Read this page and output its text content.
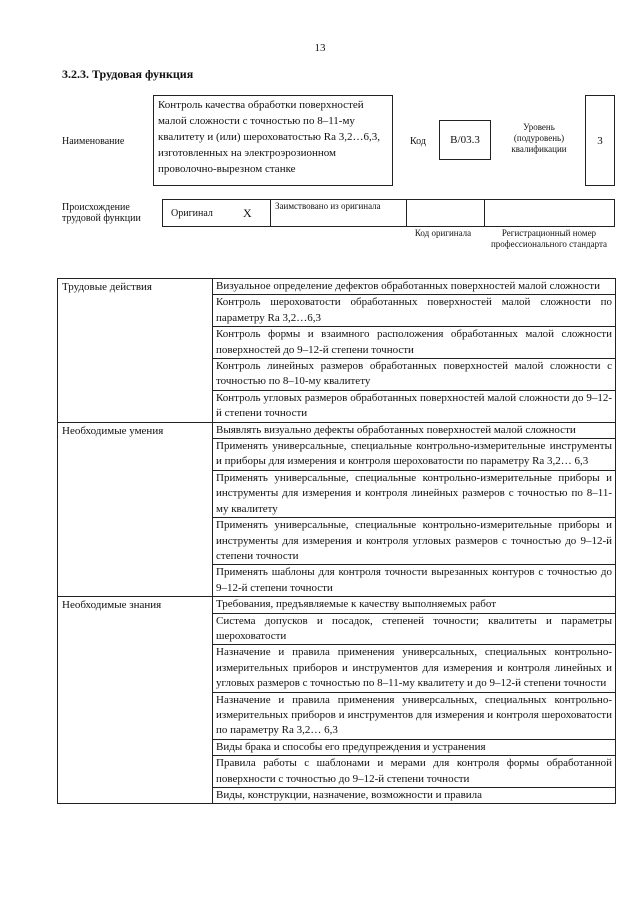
13
3.2.3. Трудовая функция
Наименование
Контроль качества обработки поверхностей малой сложности с точностью по 8–11-му квалитету и (или) шероховатостью Ra 3,2…6,3, изготовленных на электроэрозионном проволочно-вырезном станке
Код	В/03.3
Уровень (подуровень) квалификации
3
Происхождение трудовой функции	Оригинал	X	Заимствовано из оригинала
Код оригинала	Регистрационный номер профессионального стандарта
Трудовые действия	Визуальное определение дефектов обработанных поверхностей малой сложности
	Контроль шероховатости обработанных поверхностей малой сложности по параметру Ra 3,2…6,3
	Контроль формы и взаимного расположения обработанных малой сложности поверхностей до 9–12-й степени точности
	Контроль линейных размеров обработанных поверхностей малой сложности с точностью по 8–10-му квалитету
	Контроль угловых размеров обработанных поверхностей малой сложности до 9–12-й степени точности
Необходимые умения	Выявлять визуально дефекты обработанных поверхностей малой сложности
	Применять универсальные, специальные контрольно-измерительные инструменты и приборы для измерения и контроля шероховатости по параметру Ra 3,2… 6,3
	Применять универсальные, специальные контрольно-измерительные приборы и инструменты для измерения и контроля линейных размеров с точностью по 8–11-му квалитету
	Применять универсальные, специальные контрольно-измерительные приборы и инструменты для измерения и контроля угловых размеров с точностью до 9–12-й степени точности
	Применять шаблоны для контроля точности вырезанных контуров с точностью до 9–12-й степени точности
Необходимые знания	Требования, предъявляемые к качеству выполняемых работ
	Система допусков и посадок, степеней точности; квалитеты и параметры шероховатости
	Назначение и правила применения универсальных, специальных контрольно-измерительных приборов и инструментов для измерения и контроля линейных и угловых размеров с точностью по 8–11-му квалитету и до 9–12-й степени точности
	Назначение и правила применения универсальных, специальных контрольно-измерительных приборов и инструментов для измерения и контроля шероховатости по параметру Ra 3,2… 6,3
	Виды брака и способы его предупреждения и устранения
	Правила работы с шаблонами и мерами для контроля формы обработанной поверхности с точностью до 9–12-й степени точности
	Виды, конструкции, назначение, возможности и правила
